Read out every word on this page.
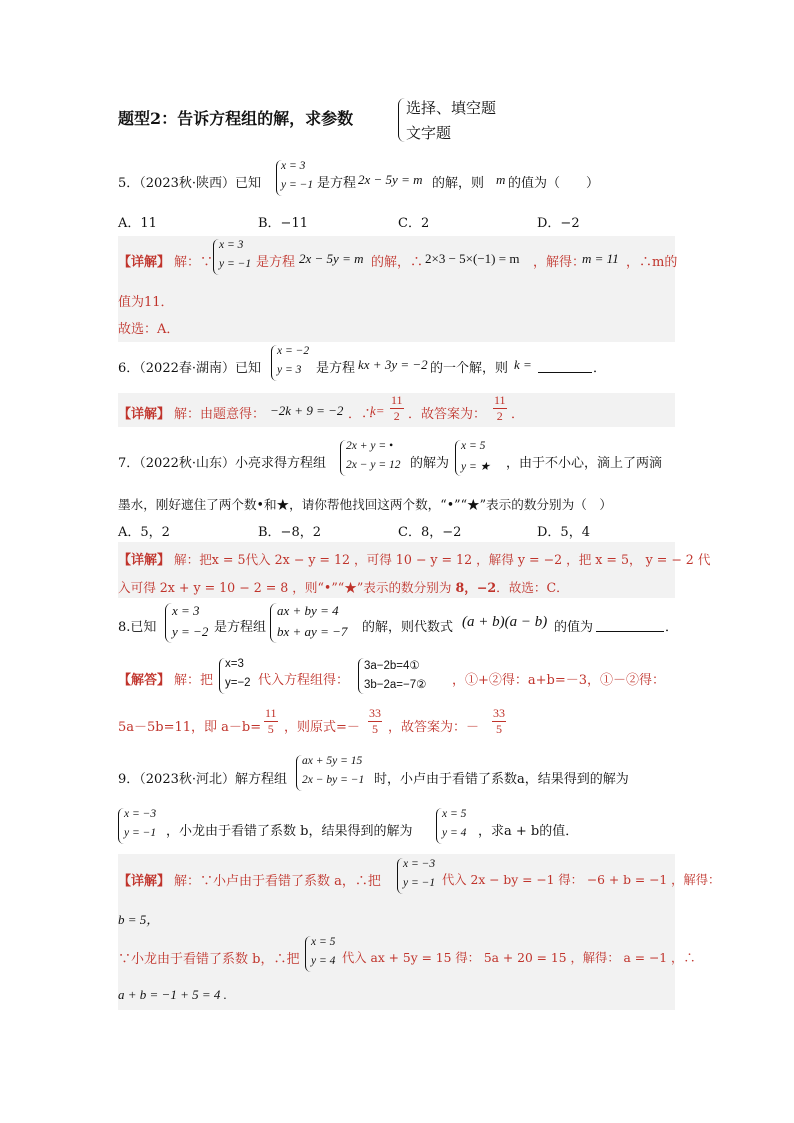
题型2：告诉方程组的解，求参数
选择、填空题
文字题
5．（2023秋·陕西）已知
x = 3
y = −1 是方程 2x − 5y = m 的解，则 m 的值为（　　）
A．11	B．−11	C．2	D．−2
【详解】 解：∵
x = 3
y = −1 是方程 2x − 5y = m 的解，∴ 2×3 − 5×(−1) = m ，解得：
m = 11 ，∴m的
值为11．
故选：A．
6．（2022春·湖南）已知
x = −2
y = 3 是方程 kx + 3y = −2 的一个解，则 k =	．
【详解】 解：由题意得： −2k + 9 = −2 ．∴
$k= \frac{11}{2}$ ．故答案为： $\frac{11}{2}$ ．
7．（2022秋·山东）小亮求得方程组
2x + y = •
2x − y = 12 的解为
x = 5
y = ★ ，由于不小心，滴上了两滴
墨水，刚好遮住了两个数•和★，请你帮他找回这两个数，“•”“★”表示的数分别为（　）
A．5，2	B．−8，2	C．8，−2	D．5，4
【详解】 解：把x = 5代入 2x − y = 12 ，可得 10 − y = 12 ，解得 y = −2 ，把 x = 5， y = − 2 代
入可得 2x + y = 10 − 2 = 8 ，则“•”“★”表示的数分别为 8，−2．故选：C．
8.已知
x = 3
y = −2 是方程组
ax + by = 4
bx + ay = −7 的解，则代数式 (a + b)(a − b) 的值为	．
【解答】 解：把
x=3
y=−2 代入方程组得：
3a−2b=4①
3b−2a=−7② ，①+②得：a+b=－3，①－②得：
5a－5b=11，即 $a-b= \frac{11}{5}$ ，则原式=－ $\frac{33}{5}$ ，故答案为：－ $\frac{33}{5}$
9．（2023秋·河北）解方程组
ax + 5y = 15
2x − by = −1 时，小卢由于看错了系数a，结果得到的解为
x = −3
y = −1 ，小龙由于看错了系数 b，结果得到的解为
x = 5
y = 4 ，求a + b的值．
【详解】 解：∵小卢由于看错了系数 a，∴把
x = −3
y = −1 代入 2x − by = −1 得： −6 + b = −1 ，解得：
b = 5，
∵小龙由于看错了系数 b，∴把
x = 5
y = 4 代入 ax + 5y = 15 得： 5a + 20 = 15 ，解得： a = −1 ，∴
a + b = −1 + 5 = 4 .
